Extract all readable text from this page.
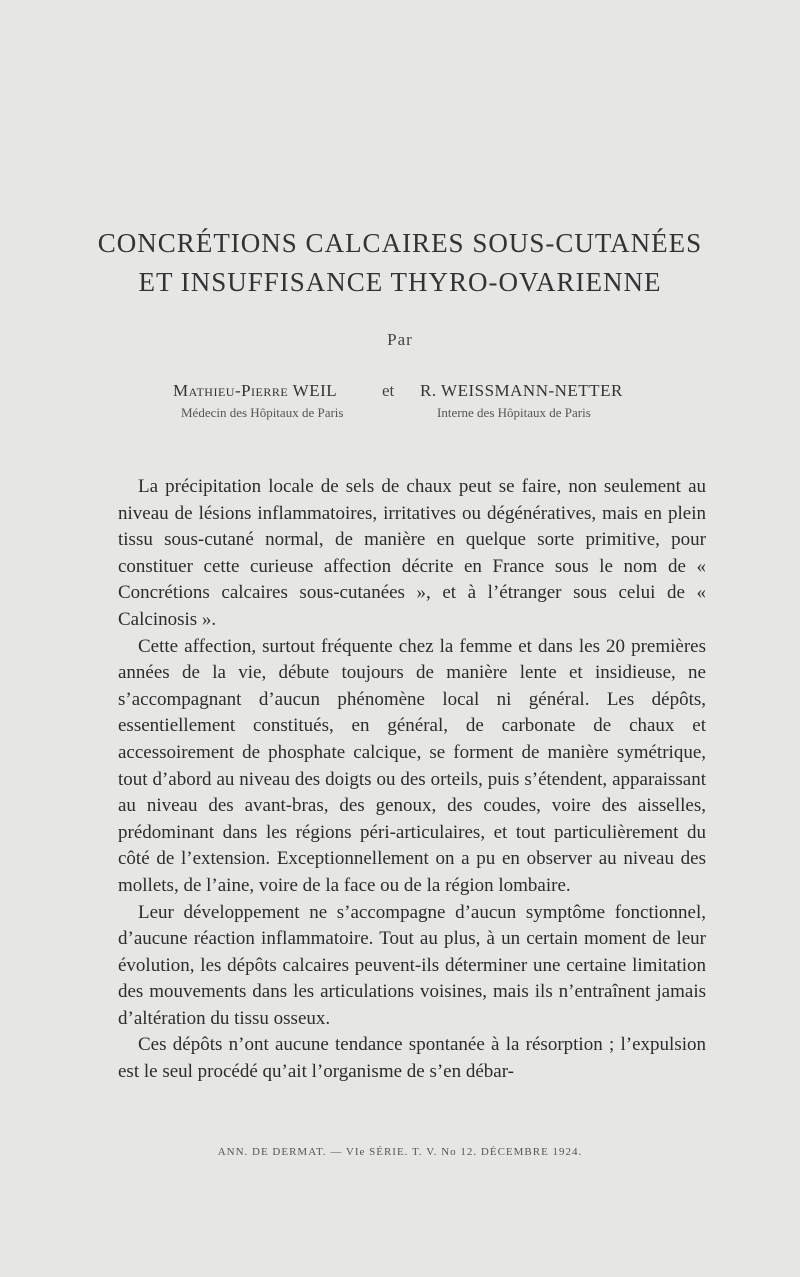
CONCRÉTIONS CALCAIRES SOUS-CUTANÉES
ET INSUFFISANCE THYRO-OVARIENNE
Par
Mathieu-Pierre WEIL	et R. WEISSMANN-NETTER
Médecin des Hôpitaux de Paris	Interne des Hôpitaux de Paris

La précipitation locale de sels de chaux peut se faire, non seulement au niveau de lésions inflammatoires, irritatives ou dégénératives, mais en plein tissu sous-cutané normal, de manière en quelque sorte primitive, pour constituer cette curieuse affection décrite en France sous le nom de « Concrétions calcaires sous-cutanées », et à l’étranger sous celui de « Calcinosis ».

Cette affection, surtout fréquente chez la femme et dans les 20 premières années de la vie, débute toujours de manière lente et insidieuse, ne s’accompagnant d’aucun phénomène local ni général. Les dépôts, essentiellement constitués, en général, de carbonate de chaux et accessoirement de phosphate calcique, se forment de manière symétrique, tout d’abord au niveau des doigts ou des orteils, puis s’étendent, apparaissant au niveau des avant-bras, des genoux, des coudes, voire des aisselles, prédominant dans les régions péri-articulaires, et tout particulièrement du côté de l’extension. Exceptionnellement on a pu en observer au niveau des mollets, de l’aine, voire de la face ou de la région lombaire.

Leur développement ne s’accompagne d’aucun symptôme fonctionnel, d’aucune réaction inflammatoire. Tout au plus, à un certain moment de leur évolution, les dépôts calcaires peuvent-ils déterminer une certaine limitation des mouvements dans les articulations voisines, mais ils n’entraînent jamais d’altération du tissu osseux.

Ces dépôts n’ont aucune tendance spontanée à la résorption ; l’expulsion est le seul procédé qu’ait l’organisme de s’en débar-

ANN. DE DERMAT. — VIe SÉRIE. T. V. No 12. DÉCEMBRE 1924.
